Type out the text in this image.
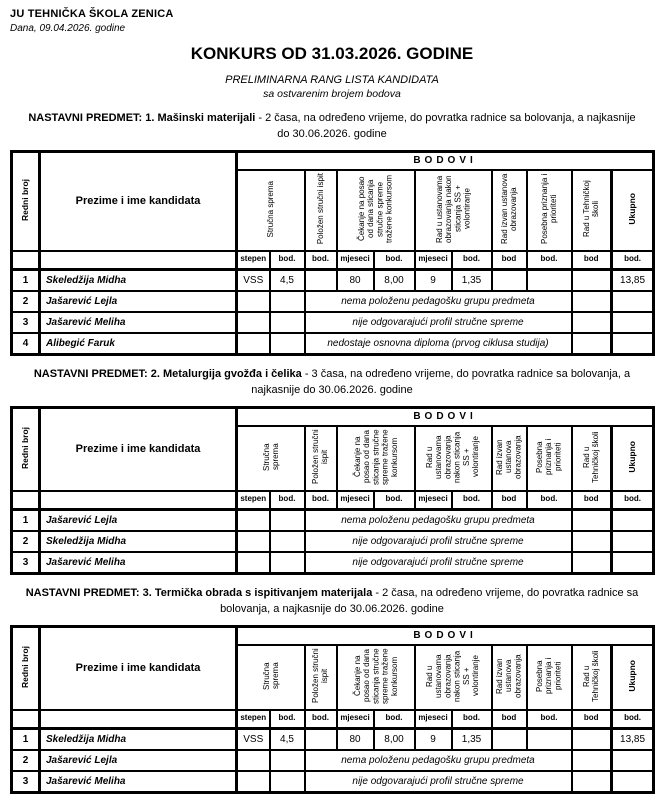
JU TEHNIČKA ŠKOLA ZENICA
Dana, 09.04.2026. godine
KONKURS OD 31.03.2026. GODINE
PRELIMINARNA RANG LISTA KANDIDATA
sa ostvarenim brojem bodova
NASTAVNI PREDMET: 1. Mašinski materijali - 2 časa, na određeno vrijeme, do povratka radnice sa bolovanja, a najkasnije do 30.06.2026. godine
Redni broj	Prezime i ime kandidata	BODOVI										
		Stručna sprema		Položen stručni ispit	Čekanje na posao od dana sticanja stručne spreme tražene konkursom		Rad u ustanovama obrazovanja nakon sticanja SS + volontiranje		Rad izvan ustanova obrazovanja	Posebna priznanja i prioriteti	Rad u Tehničkoj školi	Ukupno
		stepen	bod.	bod.	mjeseci	bod.	mjeseci	bod.	bod	bod.	bod	bod.
1	Skeledžija Midha	VSS	4,5		80	8,00	9	1,35				13,85
2	Jašarević Lejla			nema položenu pedagošku grupu predmeta								
3	Jašarević Meliha			nije odgovarajući profil stručne spreme								
4	Alibegić Faruk			nedostaje osnovna diploma (prvog ciklusa studija)								
NASTAVNI PREDMET: 2. Metalurgija gvožđa i čelika - 3 časa, na određeno vrijeme, do povratka radnice sa bolovanja, a najkasnije do 30.06.2026. godine
Redni broj	Prezime i ime kandidata	BODOVI										
		Stručna sprema		Položen stručni ispit	Čekanje na posao od dana sticanja stručne spreme tražene konkursom		Rad u ustanovama obrazovanja nakon sticanja SS + volontiranje		Rad izvan ustanova obrazovanja	Posebna priznanja i prioriteti	Rad u Tehničkoj školi	Ukupno
		stepen	bod.	bod.	mjeseci	bod.	mjeseci	bod.	bod	bod.	bod	bod.
1	Jašarević Lejla			nema položenu pedagošku grupu predmeta								
2	Skeledžija Midha			nije odgovarajući profil stručne spreme								
3	Jašarević Meliha			nije odgovarajući profil stručne spreme								
NASTAVNI PREDMET: 3. Termička obrada s ispitivanjem materijala - 2 časa, na određeno vrijeme, do povratka radnice sa bolovanja, a najkasnije do 30.06.2026. godine
Redni broj	Prezime i ime kandidata	BODOVI										
		Stručna sprema		Položen stručni ispit	Čekanje na posao od dana sticanja stručne spreme tražene konkursom		Rad u ustanovama obrazovanja nakon sticanja SS + volontiranje		Rad izvan ustanova obrazovanja	Posebna priznanja i prioriteti	Rad u Tehničkoj školi	Ukupno
		stepen	bod.	bod.	mjeseci	bod.	mjeseci	bod.	bod	bod.	bod	bod.
1	Skeledžija Midha	VSS	4,5		80	8,00	9	1,35				13,85
2	Jašarević Lejla			nema položenu pedagošku grupu predmeta								
3	Jašarević Meliha			nije odgovarajući profil stručne spreme								
